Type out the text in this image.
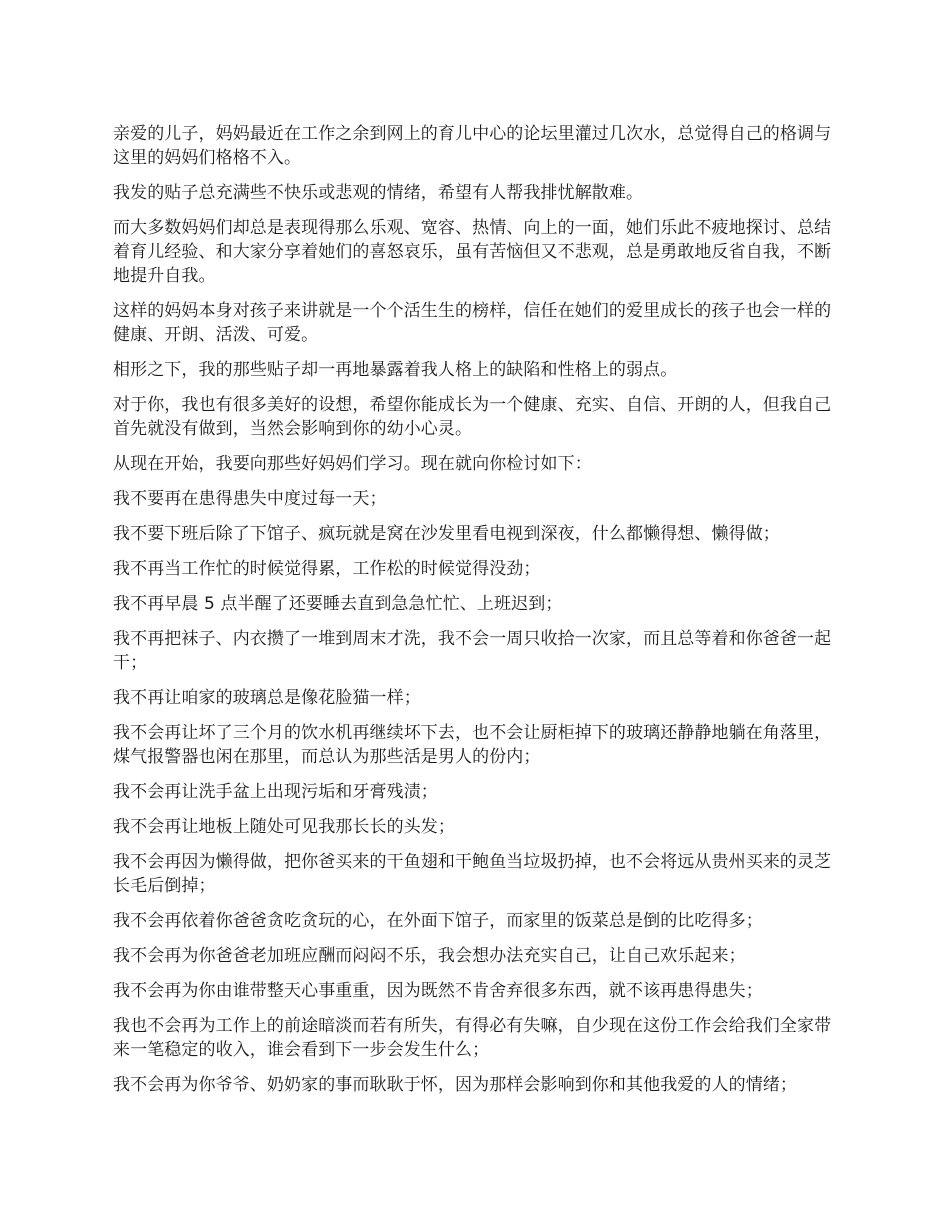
亲爱的儿子，妈妈最近在工作之余到网上的育儿中心的论坛里灌过几次水，总觉得自己的格调与这里的妈妈们格格不入。

我发的贴子总充满些不快乐或悲观的情绪，希望有人帮我排忧解散难。

而大多数妈妈们却总是表现得那么乐观、宽容、热情、向上的一面，她们乐此不疲地探讨、总结着育儿经验、和大家分享着她们的喜怒哀乐，虽有苦恼但又不悲观，总是勇敢地反省自我，不断地提升自我。

这样的妈妈本身对孩子来讲就是一个个活生生的榜样，信任在她们的爱里成长的孩子也会一样的健康、开朗、活泼、可爱。

相形之下，我的那些贴子却一再地暴露着我人格上的缺陷和性格上的弱点。

对于你，我也有很多美好的设想，希望你能成长为一个健康、充实、自信、开朗的人，但我自己首先就没有做到，当然会影响到你的幼小心灵。

从现在开始，我要向那些好妈妈们学习。现在就向你检讨如下：

我不要再在患得患失中度过每一天；

我不要下班后除了下馆子、疯玩就是窝在沙发里看电视到深夜，什么都懒得想、懒得做；

我不再当工作忙的时候觉得累，工作松的时候觉得没劲；

我不再早晨 5 点半醒了还要睡去直到急急忙忙、上班迟到；

我不再把袜子、内衣攒了一堆到周末才洗，我不会一周只收拾一次家，而且总等着和你爸爸一起干；

我不再让咱家的玻璃总是像花脸猫一样；

我不会再让坏了三个月的饮水机再继续坏下去，也不会让厨柜掉下的玻璃还静静地躺在角落里，煤气报警器也闲在那里，而总认为那些活是男人的份内；

我不会再让洗手盆上出现污垢和牙膏残渍；

我不会再让地板上随处可见我那长长的头发；

我不会再因为懒得做，把你爸买来的干鱼翅和干鲍鱼当垃圾扔掉，也不会将远从贵州买来的灵芝长毛后倒掉；

我不会再依着你爸爸贪吃贪玩的心，在外面下馆子，而家里的饭菜总是倒的比吃得多；

我不会再为你爸爸老加班应酬而闷闷不乐，我会想办法充实自己，让自己欢乐起来；

我不会再为你由谁带整天心事重重，因为既然不肯舍弃很多东西，就不该再患得患失；

我也不会再为工作上的前途暗淡而若有所失，有得必有失嘛，自少现在这份工作会给我们全家带来一笔稳定的收入，谁会看到下一步会发生什么；

我不会再为你爷爷、奶奶家的事而耿耿于怀，因为那样会影响到你和其他我爱的人的情绪；
